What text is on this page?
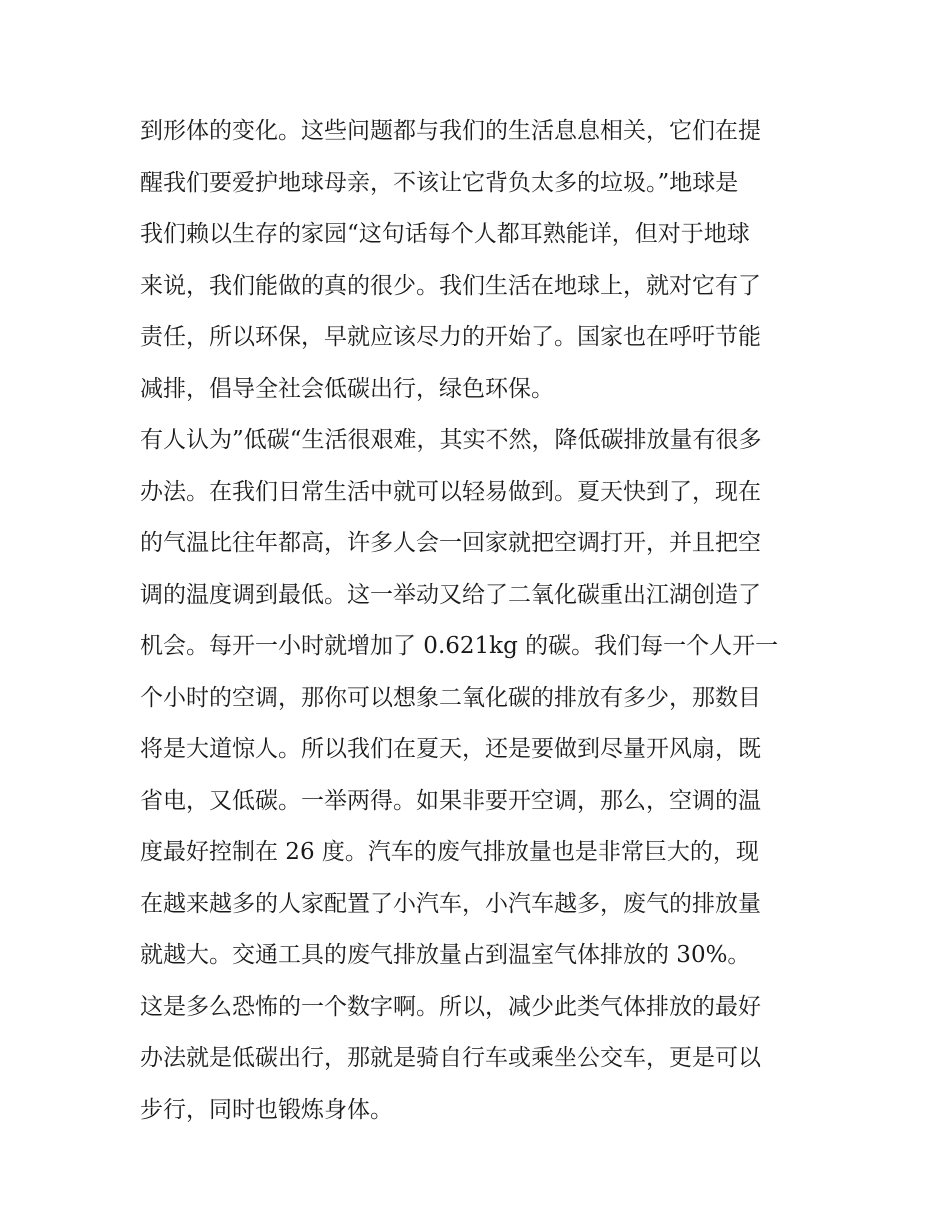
到形体的变化。这些问题都与我们的生活息息相关，它们在提
醒我们要爱护地球母亲，不该让它背负太多的垃圾。”地球是
我们赖以生存的家园“这句话每个人都耳熟能详，但对于地球
来说，我们能做的真的很少。我们生活在地球上，就对它有了
责任，所以环保，早就应该尽力的开始了。国家也在呼吁节能
减排，倡导全社会低碳出行，绿色环保。
有人认为”低碳“生活很艰难，其实不然，降低碳排放量有很多
办法。在我们日常生活中就可以轻易做到。夏天快到了，现在
的气温比往年都高，许多人会一回家就把空调打开，并且把空
调的温度调到最低。这一举动又给了二氧化碳重出江湖创造了
机会。每开一小时就增加了 0.621kg 的碳。我们每一个人开一
个小时的空调，那你可以想象二氧化碳的排放有多少，那数目
将是大道惊人。所以我们在夏天，还是要做到尽量开风扇，既
省电，又低碳。一举两得。如果非要开空调，那么，空调的温
度最好控制在 26 度。汽车的废气排放量也是非常巨大的，现
在越来越多的人家配置了小汽车，小汽车越多，废气的排放量
就越大。交通工具的废气排放量占到温室气体排放的 30%。
这是多么恐怖的一个数字啊。所以，减少此类气体排放的最好
办法就是低碳出行，那就是骑自行车或乘坐公交车，更是可以
步行，同时也锻炼身体。
